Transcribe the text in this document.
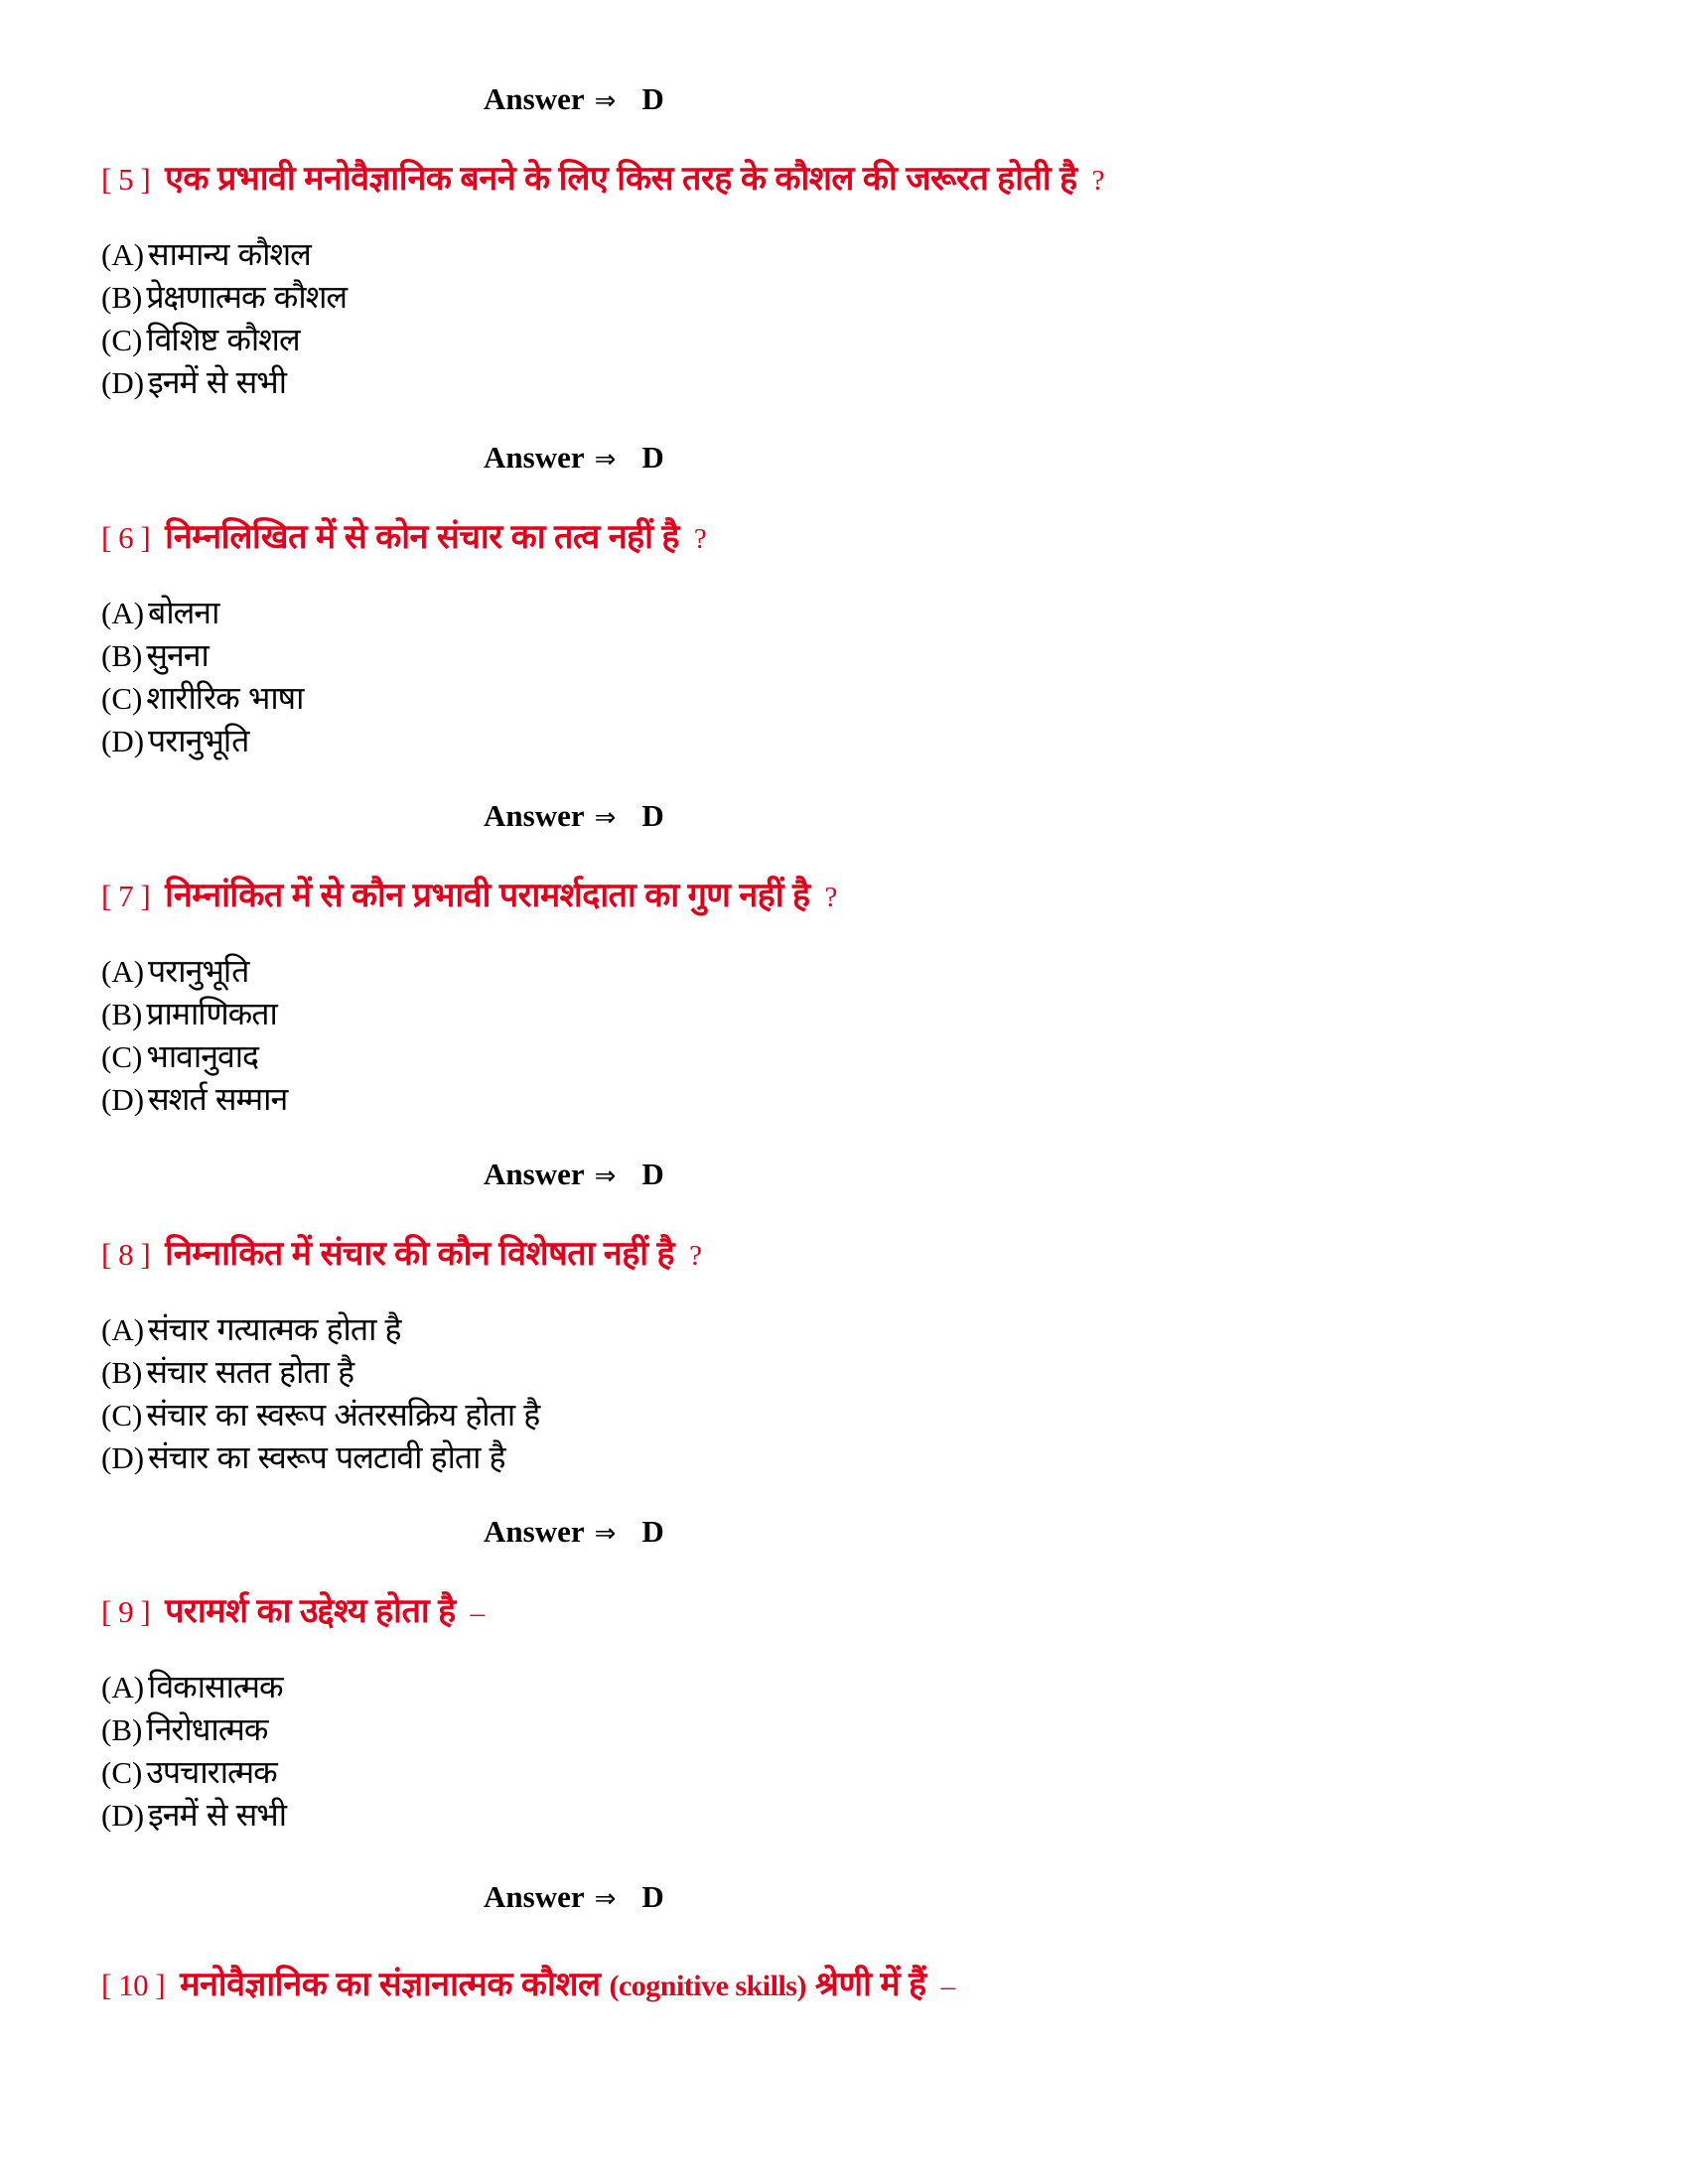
Answer ⇒ D
[ 5 ] एक प्रभावी मनोवैज्ञानिक बनने के लिए किस तरह के कौशल की जरूरत होती है ?
(A) सामान्य कौशल
(B) प्रेक्षणात्मक कौशल
(C) विशिष्ट कौशल
(D) इनमें से सभी
Answer ⇒ D
[ 6 ] निम्नलिखित में से कोन संचार का तत्व नहीं है ?
(A) बोलना
(B) सुनना
(C) शारीरिक भाषा
(D) परानुभूति
Answer ⇒ D
[ 7 ] निम्नांकित में से कौन प्रभावी परामर्शदाता का गुण नहीं है ?
(A) परानुभूति
(B) प्रामाणिकता
(C) भावानुवाद
(D) सशर्त सम्मान
Answer ⇒ D
[ 8 ] निम्नाकित में संचार की कौन विशेषता नहीं है ?
(A) संचार गत्यात्मक होता है
(B) संचार सतत होता है
(C) संचार का स्वरूप अंतरसक्रिय होता है
(D) संचार का स्वरूप पलटावी होता है
Answer ⇒ D
[ 9 ] परामर्श का उद्देश्य होता है –
(A) विकासात्मक
(B) निरोधात्मक
(C) उपचारात्मक
(D) इनमें से सभी
Answer ⇒ D
[ 10 ] मनोवैज्ञानिक का संज्ञानात्मक कौशल (cognitive skills) श्रेणी में हैं –
